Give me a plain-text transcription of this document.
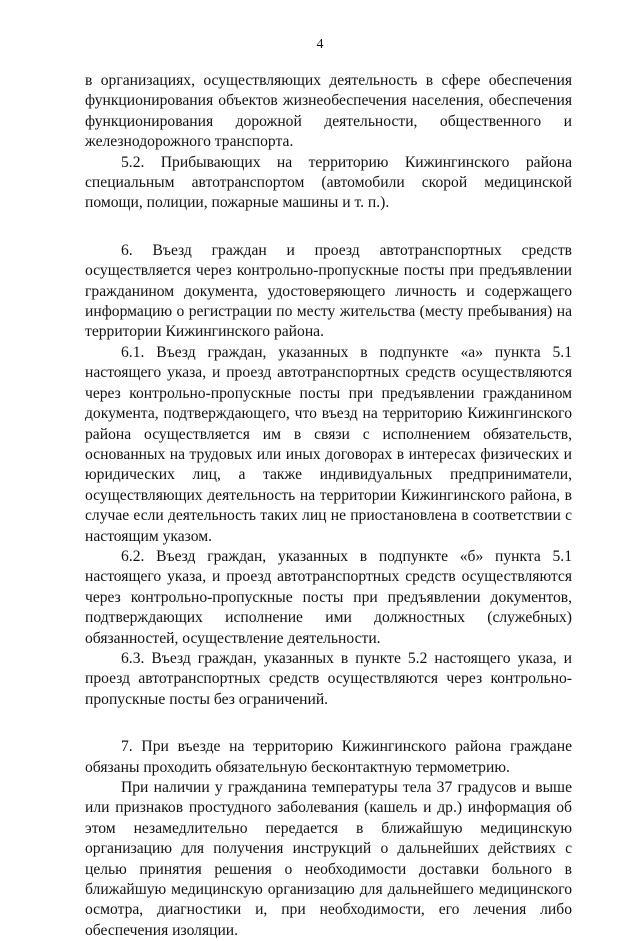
4

в организациях, осуществляющих деятельность в сфере обеспечения функционирования объектов жизнеобеспечения населения, обеспечения функционирования дорожной деятельности, общественного и железнодорожного транспорта.

5.2. Прибывающих на территорию Кижингинского района специальным автотранспортом (автомобили скорой медицинской помощи, полиции, пожарные машины и т. п.).

6. Въезд граждан и проезд автотранспортных средств осуществляется через контрольно-пропускные посты при предъявлении гражданином документа, удостоверяющего личность и содержащего информацию о регистрации по месту жительства (месту пребывания) на территории Кижингинского района.

6.1. Въезд граждан, указанных в подпункте «а» пункта 5.1 настоящего указа, и проезд автотранспортных средств осуществляются через контрольно-пропускные посты при предъявлении гражданином документа, подтверждающего, что въезд на территорию Кижингинского района осуществляется им в связи с исполнением обязательств, основанных на трудовых или иных договорах в интересах физических и юридических лиц, а также индивидуальных предприниматели, осуществляющих деятельность на территории Кижингинского района, в случае если деятельность таких лиц не приостановлена в соответствии с настоящим указом.

6.2. Въезд граждан, указанных в подпункте «б» пункта 5.1 настоящего указа, и проезд автотранспортных средств осуществляются через контрольно-пропускные посты при предъявлении документов, подтверждающих исполнение ими должностных (служебных) обязанностей, осуществление деятельности.

6.3. Въезд граждан, указанных в пункте 5.2 настоящего указа, и проезд автотранспортных средств осуществляются через контрольно-пропускные посты без ограничений.

7. При въезде на территорию Кижингинского района граждане обязаны проходить обязательную бесконтактную термометрию.

При наличии у гражданина температуры тела 37 градусов и выше или признаков простудного заболевания (кашель и др.) информация об этом незамедлительно передается в ближайшую медицинскую организацию для получения инструкций о дальнейших действиях с целью принятия решения о необходимости доставки больного в ближайшую медицинскую организацию для дальнейшего медицинского осмотра, диагностики и, при необходимости, его лечения либо обеспечения изоляции.
